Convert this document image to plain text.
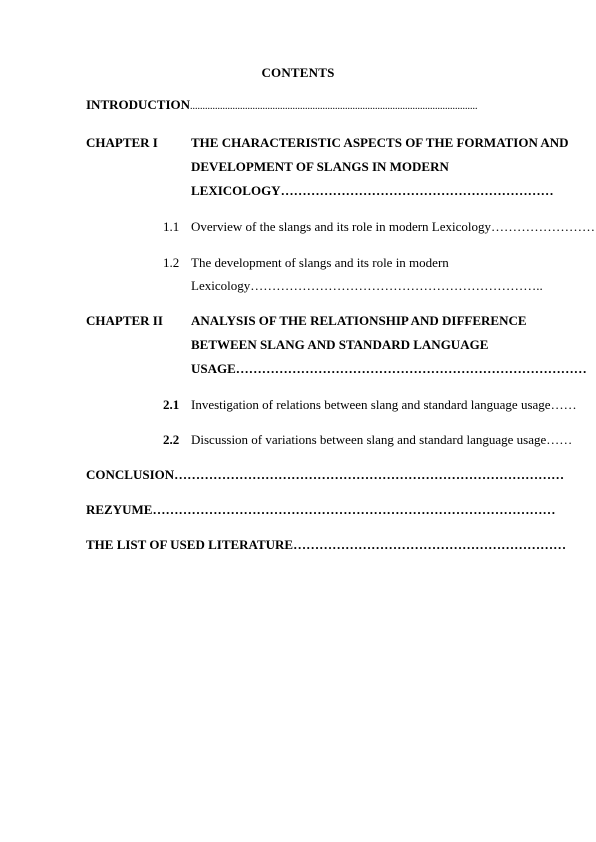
CONTENTS
INTRODUCTION...................................................................................................................
CHAPTER I	THE CHARACTERISTIC ASPECTS OF THE FORMATION AND
DEVELOPMENT OF SLANGS IN MODERN
LEXICOLOGY………………………………………………………
1.1 Overview of the slangs and its role in modern Lexicology……………………
1.2 The development of slangs and its role in modern
Lexicology…………………………………………………………..
CHAPTER II	ANALYSIS OF THE RELATIONSHIP AND DIFFERENCE
BETWEEN SLANG AND STANDARD LANGUAGE
USAGE………………………………………………………………………
2.1 Investigation of relations between slang and standard language usage……
2.2 Discussion of variations between slang and standard language usage……
CONCLUSION………………………………………………………………………………
REZYUME…………………………………………………………………………………
THE LIST OF USED LITERATURE………………………………………………………
